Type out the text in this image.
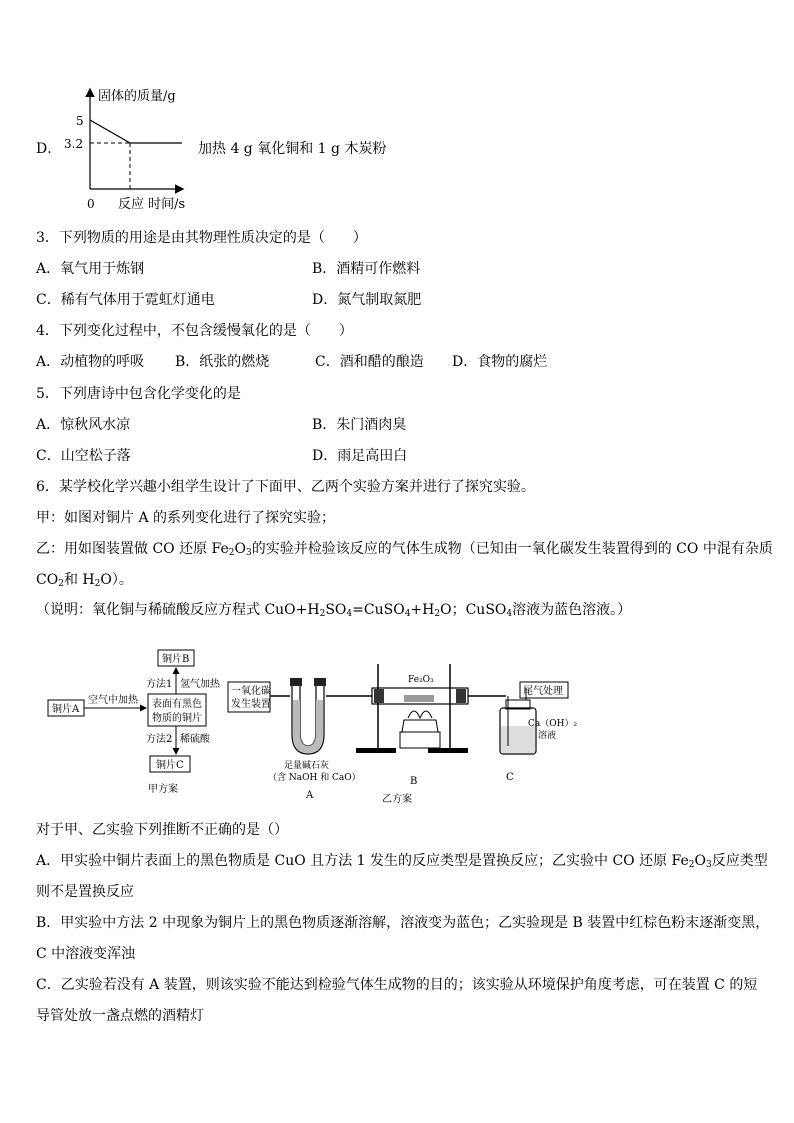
D．
固体的质量/g
5
3.2
0 反应 时间/s
加热 4 g 氧化铜和 1 g 木炭粉
3．下列物质的用途是由其物理性质决定的是（　　）
A．氧气用于炼钢	B．酒精可作燃料
C．稀有气体用于霓虹灯通电	D．氮气制取氮肥
4．下列变化过程中，不包含缓慢氧化的是（　　）
A．动植物的呼吸 B．纸张的燃烧	C．酒和醋的酿造 D．食物的腐烂
5．下列唐诗中包含化学变化的是
A．惊秋风水凉	B．朱门酒肉臭
C．山空松子落	D．雨足高田白
6．某学校化学兴趣小组学生设计了下面甲、乙两个实验方案并进行了探究实验。
甲：如图对铜片 A 的系列变化进行了探究实验；
乙：用如图装置做 CO 还原 $Fe_2O_3$的实验并检验该反应的气体生成物（已知由一氧化碳发生装置得到的 CO 中混有杂质
$CO_2$和 $H_2O$）。
（说明：氧化铜与稀硫酸反应方程式 $CuO+H_2SO_4=CuSO_4+H_2O$；CuSO$_4$溶液为蓝色溶液。）
铜片A
空气中加热 表面有黑色
物质的铜片
铜片B
方法1 氢气加热
方法2 稀硫酸
铜片C
甲方案
一氧化碳
发生装置
足量碱石灰
（含 NaOH 和 CaO）
A
Fe₂O₃
B
尾气处理
Ca（OH）₂
溶液
C
乙方案
对于甲、乙实验下列推断不正确的是（）
A．甲实验中铜片表面上的黑色物质是 CuO 且方法 1 发生的反应类型是置换反应；乙实验中 CO 还原 $Fe_2O_3$反应类型
则不是置换反应
B．甲实验中方法 2 中现象为铜片上的黑色物质逐渐溶解，溶液变为蓝色；乙实验现是 B 装置中红棕色粉末逐渐变黑，
C 中溶液变浑浊
C．乙实验若没有 A 装置，则该实验不能达到检验气体生成物的目的；该实验从环境保护角度考虑，可在装置 C 的短
导管处放一盏点燃的酒精灯
